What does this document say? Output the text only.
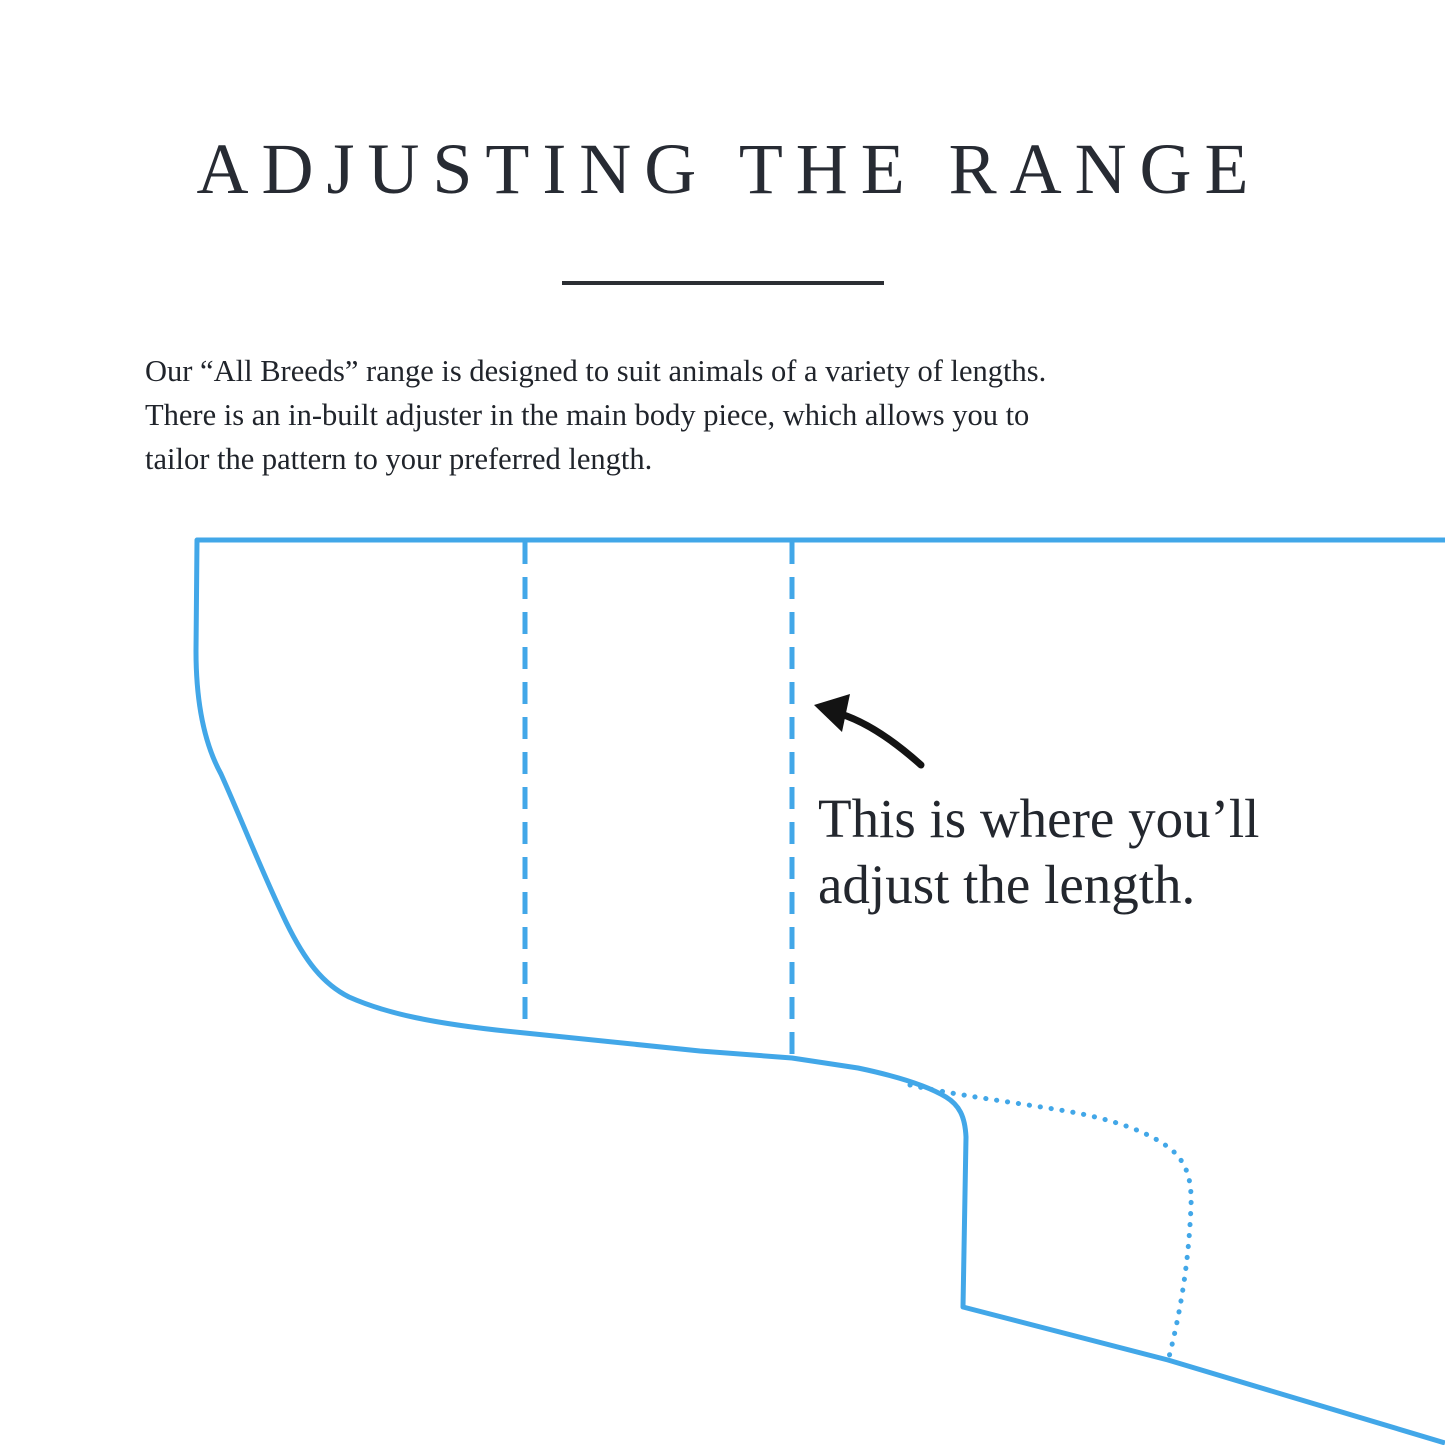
ADJUSTING THE RANGE
Our “All Breeds” range is designed to suit animals of a variety of lengths.
There is an in-built adjuster in the main body piece, which allows you to
tailor the pattern to your preferred length.
This is where you’ll
adjust the length.
